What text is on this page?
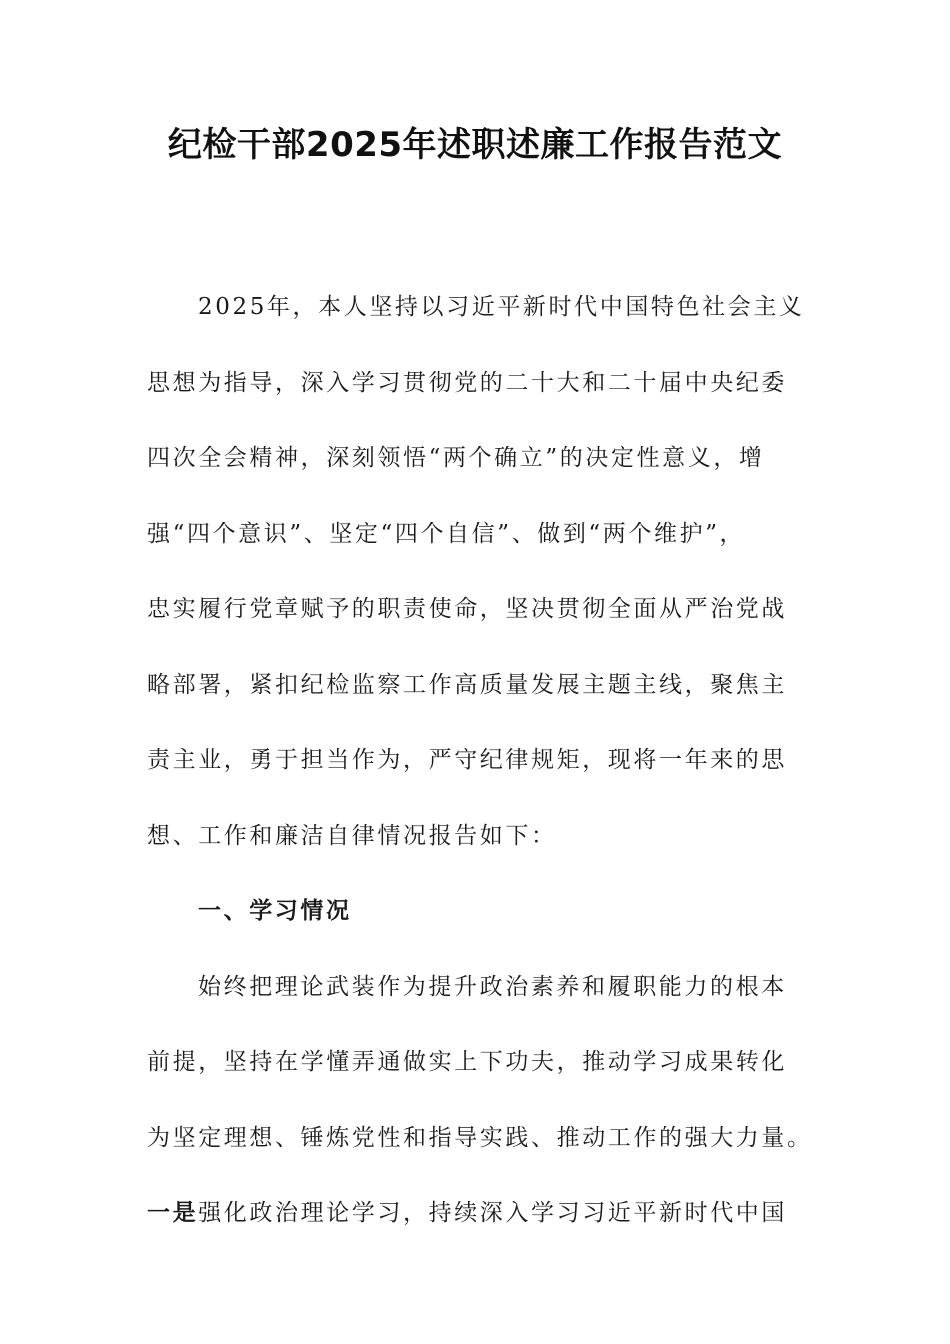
纪检干部2025年述职述廉工作报告范文

2025年，本人坚持以习近平新时代中国特色社会主义
思想为指导，深入学习贯彻党的二十大和二十届中央纪委
四次全会精神，深刻领悟“两个确立”的决定性意义，增
强“四个意识”、坚定“四个自信”、做到“两个维护”，
忠实履行党章赋予的职责使命，坚决贯彻全面从严治党战
略部署，紧扣纪检监察工作高质量发展主题主线，聚焦主
责主业，勇于担当作为，严守纪律规矩，现将一年来的思
想、工作和廉洁自律情况报告如下：

一、学习情况

始终把理论武装作为提升政治素养和履职能力的根本
前提，坚持在学懂弄通做实上下功夫，推动学习成果转化
为坚定理想、锤炼党性和指导实践、推动工作的强大力量。
一是强化政治理论学习，持续深入学习习近平新时代中国
